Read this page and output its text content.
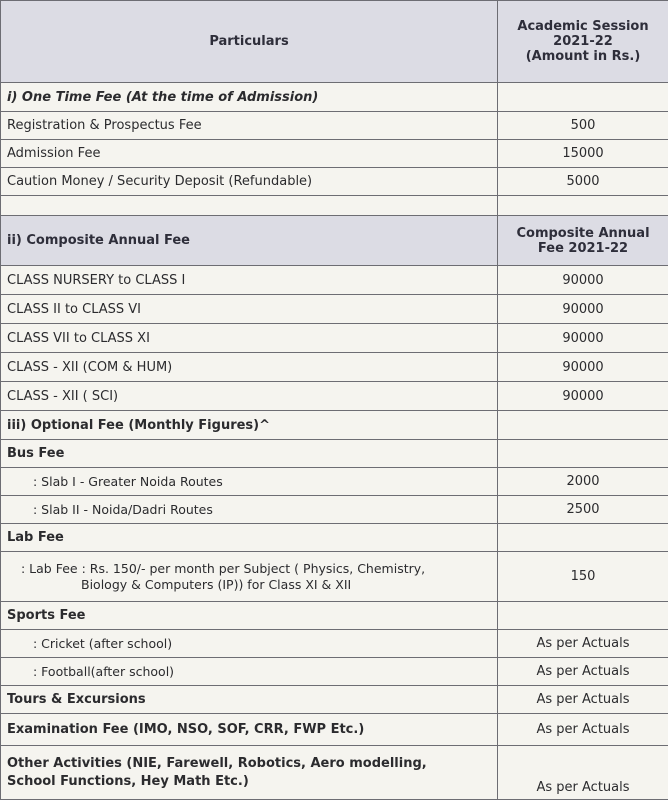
Particulars	Academic Session
2021-22
(Amount in Rs.)

i) One Time Fee (At the time of Admission)	
Registration & Prospectus Fee	500
Admission Fee	15000
Caution Money / Security Deposit (Refundable)	5000

ii) Composite Annual Fee	Composite Annual
Fee 2021-22

CLASS NURSERY to CLASS I	90000
CLASS II to CLASS VI	90000
CLASS VII to CLASS XI	90000
CLASS - XII (COM & HUM)	90000
CLASS - XII ( SCI)	90000
iii) Optional Fee (Monthly Figures)^	
Bus Fee	
: Slab I - Greater Noida Routes	2000
: Slab II - Noida/Dadri Routes	2500
Lab Fee	

: Lab Fee : Rs. 150/- per month per Subject ( Physics, Chemistry,
Biology & Computers (IP)) for Class XI & XII	150
Sports Fee	
: Cricket (after school)	As per Actuals
: Football(after school)	As per Actuals
Tours & Excursions	As per Actuals
Examination Fee (IMO, NSO, SOF, CRR, FWP Etc.)	As per Actuals

Other Activities (NIE, Farewell, Robotics, Aero modelling,
School Functions, Hey Math Etc.)	As per Actuals
